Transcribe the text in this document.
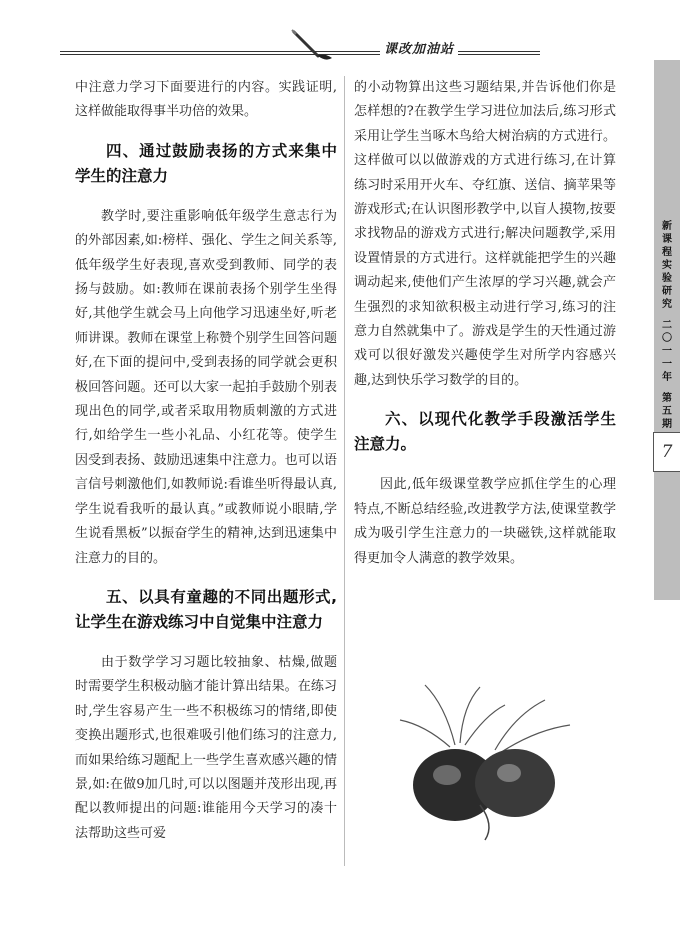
课改加油站

中注意力学习下面要进行的内容。实践证明,这样做能取得事半功倍的效果。

四、通过鼓励表扬的方式来集中学生的注意力

教学时,要注重影响低年级学生意志行为的外部因素,如:榜样、强化、学生之间关系等,低年级学生好表现,喜欢受到教师、同学的表扬与鼓励。如:教师在课前表扬个别学生坐得好,其他学生就会马上向他学习迅速坐好,听老师讲课。教师在课堂上称赞个别学生回答问题好,在下面的提问中,受到表扬的同学就会更积极回答问题。还可以大家一起拍手鼓励个别表现出色的同学,或者采取用物质刺激的方式进行,如给学生一些小礼品、小红花等。使学生因受到表扬、鼓励迅速集中注意力。也可以语言信号刺激他们,如教师说:看谁坐听得最认真,学生说看我听的最认真。”或教师说小眼睛,学生说看黑板”以振奋学生的精神,达到迅速集中注意力的目的。

五、以具有童趣的不同出题形式,让学生在游戏练习中自觉集中注意力

由于数学学习习题比较抽象、枯燥,做题时需要学生积极动脑才能计算出结果。在练习时,学生容易产生一些不积极练习的情绪,即使变换出题形式,也很难吸引他们练习的注意力,而如果给练习题配上一些学生喜欢感兴趣的情景,如:在做9加几时,可以以图题并茂形出现,再配以教师提出的问题:谁能用今天学习的凑十法帮助这些可爱

的小动物算出这些习题结果,并告诉他们你是怎样想的?在教学生学习进位加法后,练习形式采用让学生当啄木鸟给大树治病的方式进行。这样做可以以做游戏的方式进行练习,在计算练习时采用开火车、夺红旗、送信、摘苹果等游戏形式;在认识图形教学中,以盲人摸物,按要求找物品的游戏方式进行;解决问题教学,采用设置情景的方式进行。这样就能把学生的兴趣调动起来,使他们产生浓厚的学习兴趣,就会产生强烈的求知欲积极主动进行学习,练习的注意力自然就集中了。游戏是学生的天性通过游戏可以很好激发兴趣使学生对所学内容感兴趣,达到快乐学习数学的目的。

六、以现代化教学手段激活学生注意力。

因此,低年级课堂教学应抓住学生的心理特点,不断总结经验,改进教学方法,使课堂教学成为吸引学生注意力的一块磁铁,这样就能取得更加令人满意的教学效果。

新
课
程
实
验
研
究
二
〇
一
一
年
第
五
期
7
